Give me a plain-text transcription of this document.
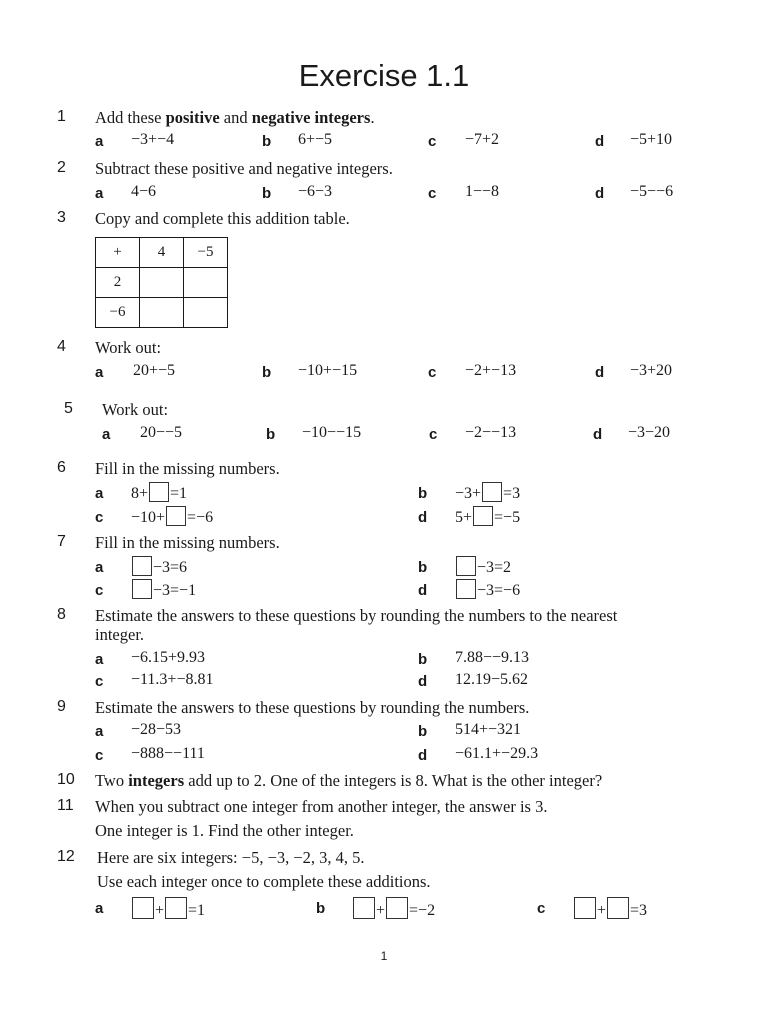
Exercise 1.1
1 Add these positive and negative integers.
a −3+−4	b 6+−5	c −7+2	d −5+10
2 Subtract these positive and negative integers.
a 4−6	b −6−3	c 1−−8	d −5−−6
3 Copy and complete this addition table.
+	4	−5
2		
−6		
4 Work out:
a 20+−5	b −10+−15	c −2+−13	d −3+20
5 Work out:
a 20−−5	b −10−−15	c −2−−13	d −3−20
6 Fill in the missing numbers.
a 8+ =1	b −3+ =3
c −10+ =−6	d 5+ =−5
7 Fill in the missing numbers.
a	−3=6	b	−3=2
c	−3=−1	d	−3=−6
8 Estimate the answers to these questions by rounding the numbers to the nearest
integer.
a −6.15+9.93	b 7.88−−9.13
c −11.3+−8.81	d 12.19−5.62
9 Estimate the answers to these questions by rounding the numbers.
a −28−53	b 514+−321
c −888−−111	d −61.1+−29.3
10 Two integers add up to 2. One of the integers is 8. What is the other integer?
11 When you subtract one integer from another integer, the answer is 3.
One integer is 1. Find the other integer.
12 Here are six integers: −5, −3, −2, 3, 4, 5.
Use each integer once to complete these additions.
a	+ =1	b	+ =−2	c	+ =3
1
